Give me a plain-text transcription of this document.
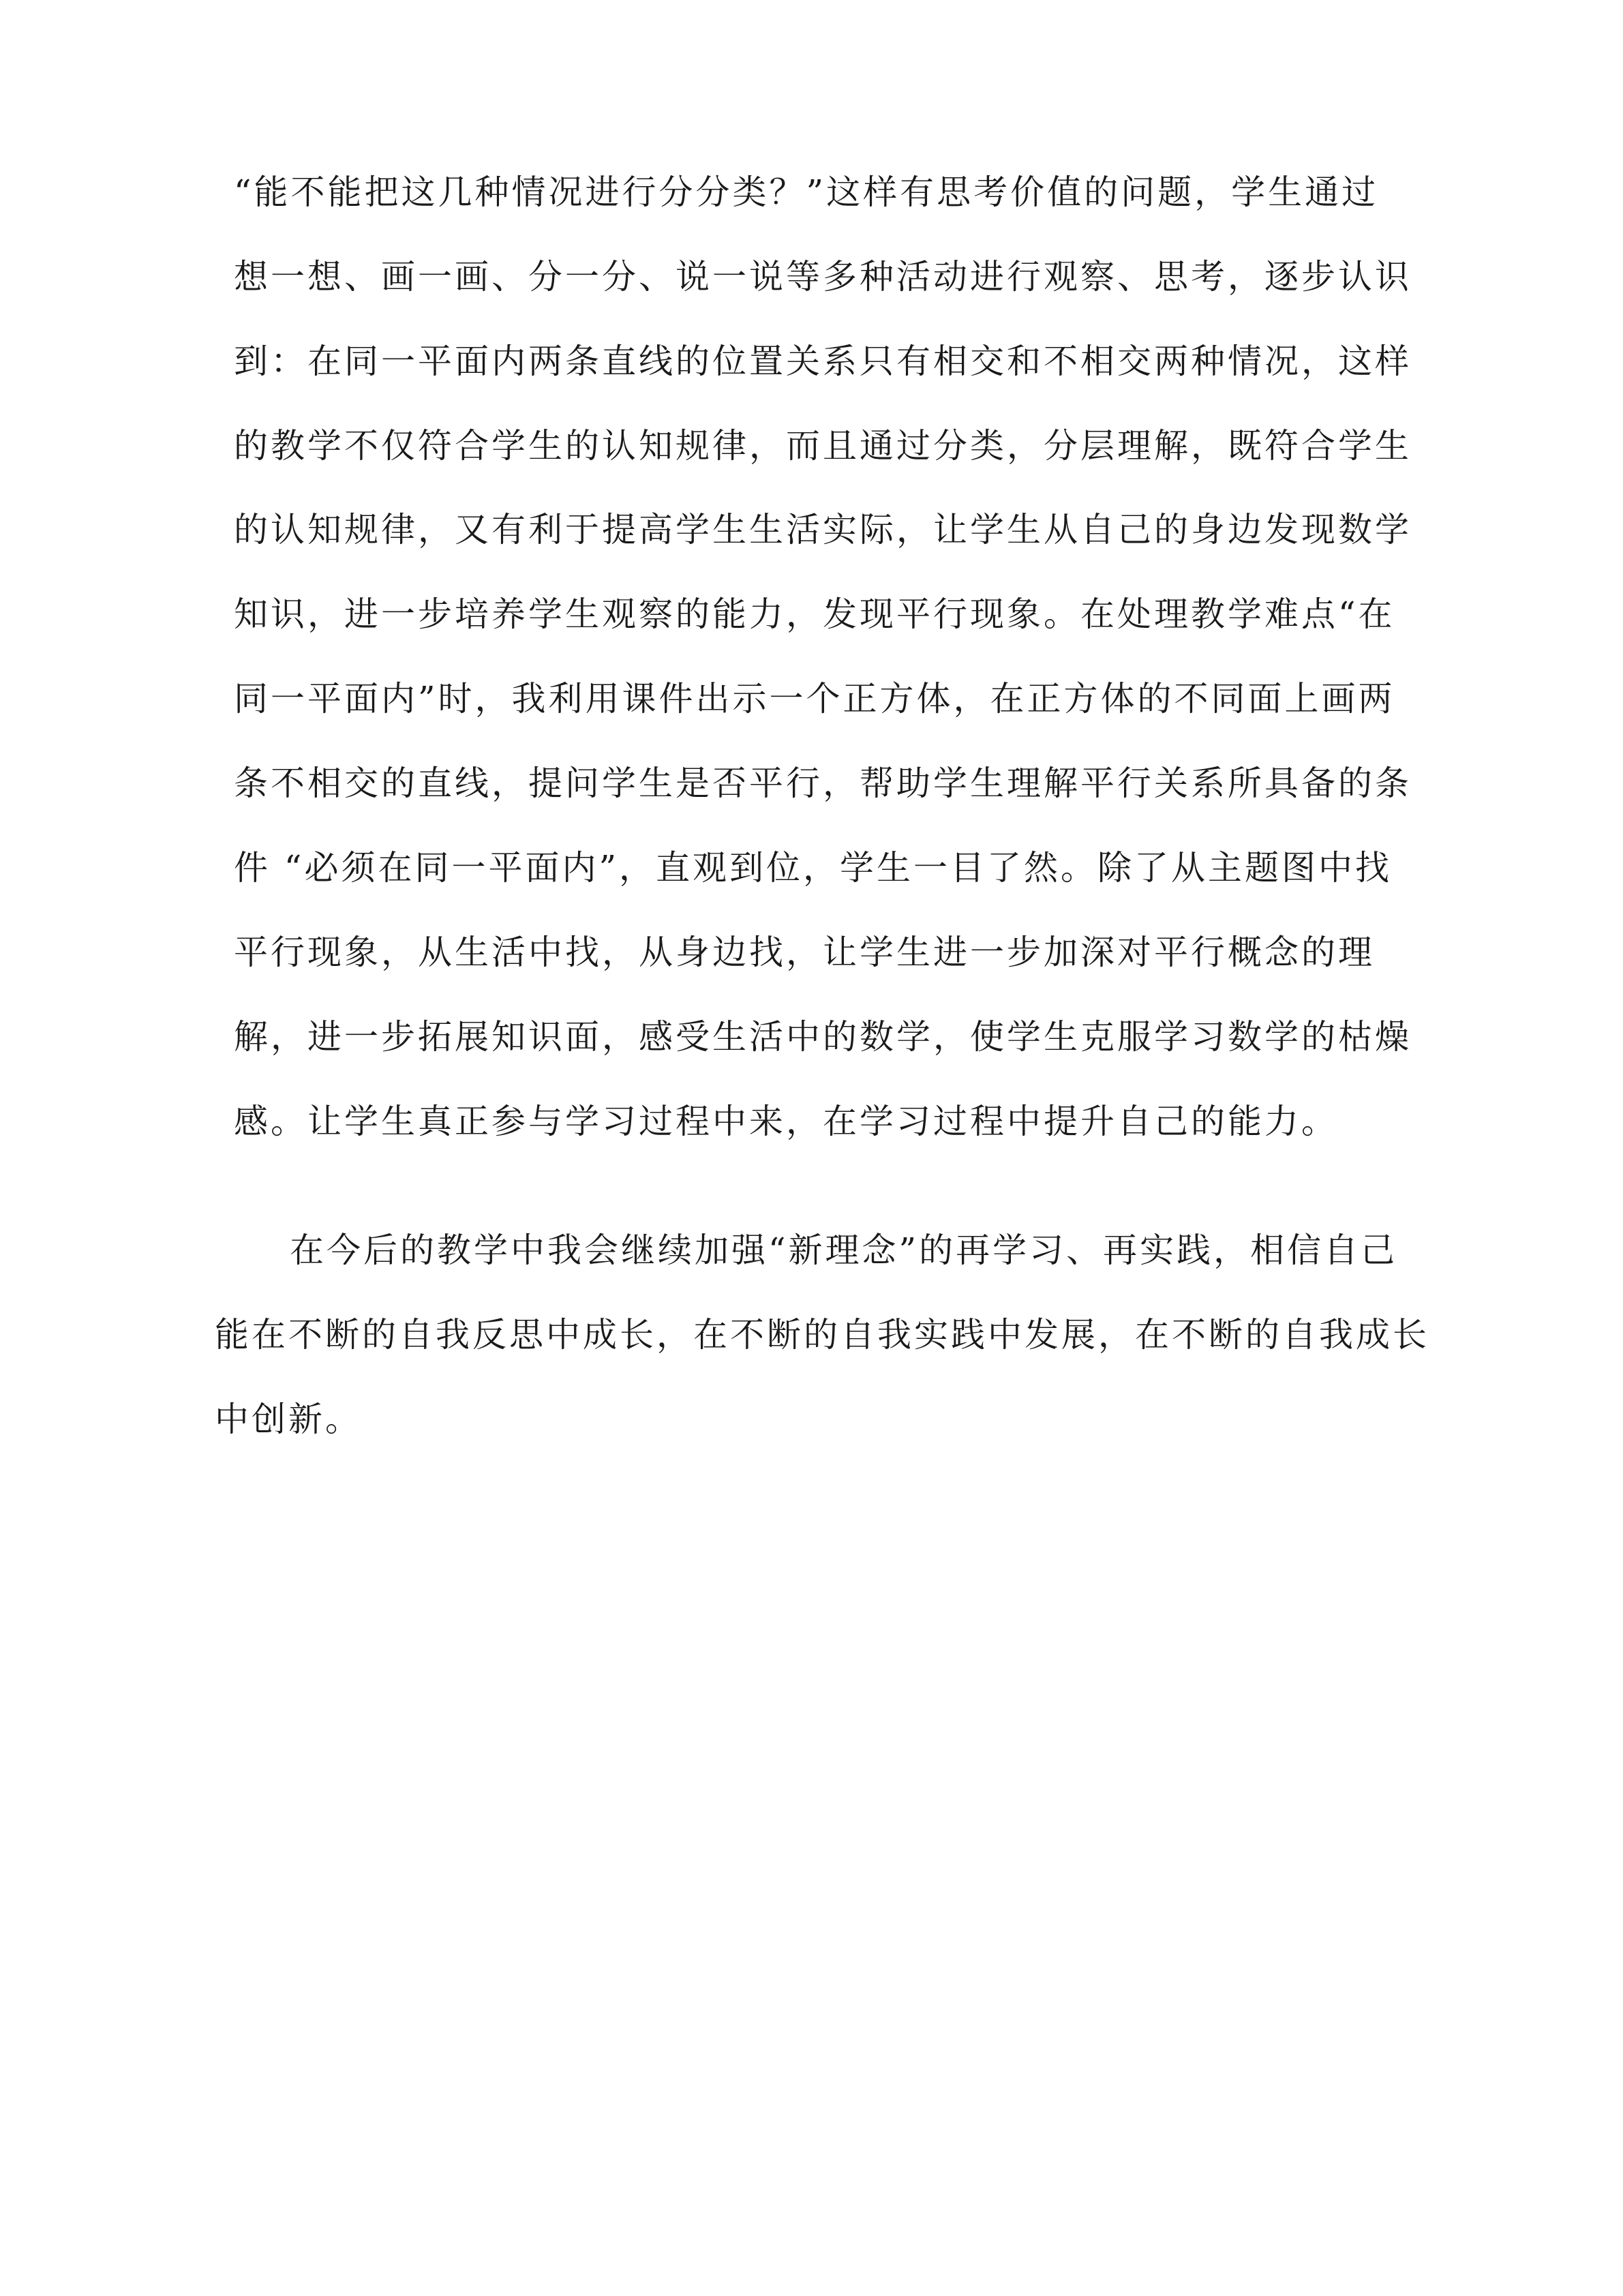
“能不能把这几种情况进行分分类？”这样有思考价值的问题，学生通过
想一想、画一画、分一分、说一说等多种活动进行观察、思考，逐步认识
到：在同一平面内两条直线的位置关系只有相交和不相交两种情况，这样
的教学不仅符合学生的认知规律，而且通过分类，分层理解，既符合学生
的认知规律，又有利于提高学生生活实际，让学生从自己的身边发现数学
知识，进一步培养学生观察的能力，发现平行现象。在处理教学难点“在
同一平面内”时，我利用课件出示一个正方体，在正方体的不同面上画两
条不相交的直线，提问学生是否平行，帮助学生理解平行关系所具备的条
件 “必须在同一平面内”，直观到位，学生一目了然。除了从主题图中找
平行现象，从生活中找，从身边找，让学生进一步加深对平行概念的理
解，进一步拓展知识面，感受生活中的数学，使学生克服学习数学的枯燥
感。让学生真正参与学习过程中来，在学习过程中提升自己的能力。
在今后的教学中我会继续加强“新理念”的再学习、再实践，相信自己
能在不断的自我反思中成长，在不断的自我实践中发展，在不断的自我成长
中创新。
